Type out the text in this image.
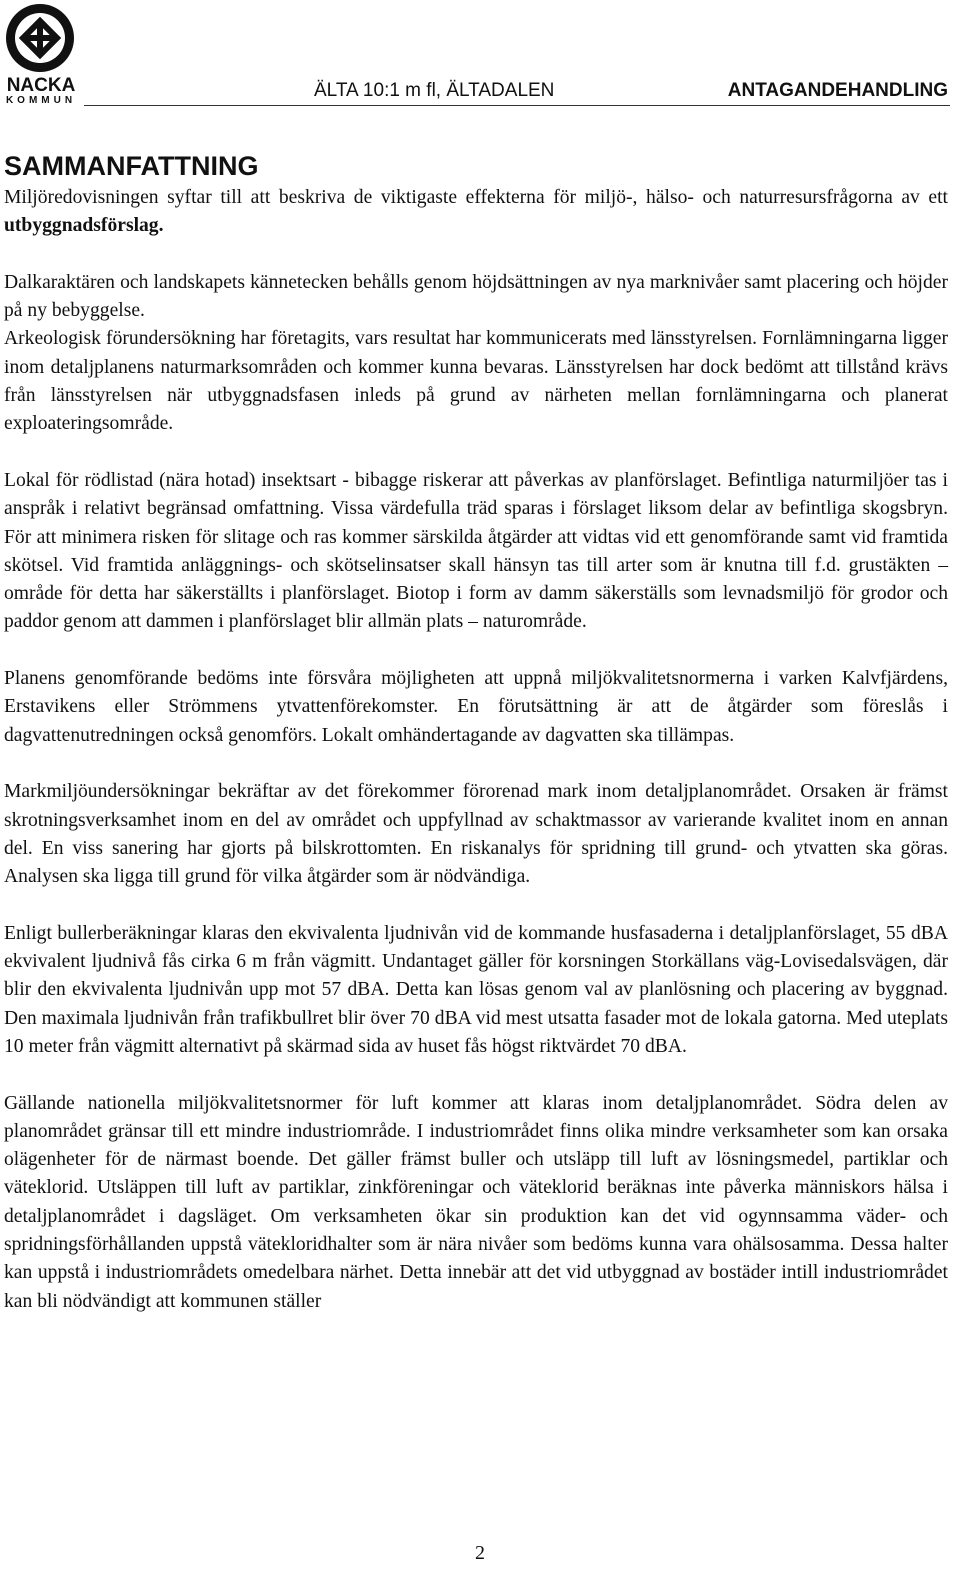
NACKA
KOMMUN	ÄLTA 10:1 m fl, ÄLTADALEN	ANTAGANDEHANDLING
SAMMANFATTNING

Miljöredovisningen syftar till att beskriva de viktigaste effekterna för miljö-, hälso- och naturresursfrågorna av ett utbyggnadsförslag.

Dalkaraktären och landskapets kännetecken behålls genom höjdsättningen av nya marknivåer samt placering och höjder på ny bebyggelse.

Arkeologisk förundersökning har företagits, vars resultat har kommunicerats med länsstyrelsen. Fornlämningarna ligger inom detaljplanens naturmarksområden och kommer kunna bevaras. Länsstyrelsen har dock bedömt att tillstånd krävs från länsstyrelsen när utbyggnadsfasen inleds på grund av närheten mellan fornlämningarna och planerat exploateringsområde.

Lokal för rödlistad (nära hotad) insektsart - bibagge riskerar att påverkas av planförslaget. Befintliga naturmiljöer tas i anspråk i relativt begränsad omfattning. Vissa värdefulla träd sparas i förslaget liksom delar av befintliga skogsbryn. För att minimera risken för slitage och ras kommer särskilda åtgärder att vidtas vid ett genomförande samt vid framtida skötsel. Vid framtida anläggnings- och skötselinsatser skall hänsyn tas till arter som är knutna till f.d. grustäkten – område för detta har säkerställts i planförslaget. Biotop i form av damm säkerställs som levnadsmiljö för grodor och paddor genom att dammen i planförslaget blir allmän plats – naturområde.

Planens genomförande bedöms inte försvåra möjligheten att uppnå miljökvalitetsnormerna i varken Kalvfjärdens, Erstavikens eller Strömmens ytvattenförekomster. En förutsättning är att de åtgärder som föreslås i dagvattenutredningen också genomförs. Lokalt omhändertagande av dagvatten ska tillämpas.

Markmiljöundersökningar bekräftar av det förekommer förorenad mark inom detaljplanområdet. Orsaken är främst skrotningsverksamhet inom en del av området och uppfyllnad av schaktmassor av varierande kvalitet inom en annan del. En viss sanering har gjorts på bilskrottomten. En riskanalys för spridning till grund- och ytvatten ska göras. Analysen ska ligga till grund för vilka åtgärder som är nödvändiga.

Enligt bullerberäkningar klaras den ekvivalenta ljudnivån vid de kommande husfasaderna i detaljplanförslaget, 55 dBA ekvivalent ljudnivå fås cirka 6 m från vägmitt. Undantaget gäller för korsningen Storkällans väg-Lovisedalsvägen, där blir den ekvivalenta ljudnivån upp mot 57 dBA. Detta kan lösas genom val av planlösning och placering av byggnad. Den maximala ljudnivån från trafikbullret blir över 70 dBA vid mest utsatta fasader mot de lokala gatorna. Med uteplats 10 meter från vägmitt alternativt på skärmad sida av huset fås högst riktvärdet 70 dBA.

Gällande nationella miljökvalitetsnormer för luft kommer att klaras inom detaljplanområdet. Södra delen av planområdet gränsar till ett mindre industriområde. I industriområdet finns olika mindre verksamheter som kan orsaka olägenheter för de närmast boende. Det gäller främst buller och utsläpp till luft av lösningsmedel, partiklar och väteklorid. Utsläppen till luft av partiklar, zinkföreningar och väteklorid beräknas inte påverka människors hälsa i detaljplanområdet i dagsläget. Om verksamheten ökar sin produktion kan det vid ogynnsamma väder- och spridningsförhållanden uppstå vätekloridhalter som är nära nivåer som bedöms kunna vara ohälsosamma. Dessa halter kan uppstå i industriområdets omedelbara närhet. Detta innebär att det vid utbyggnad av bostäder intill industriområdet kan bli nödvändigt att kommunen ställer

2
